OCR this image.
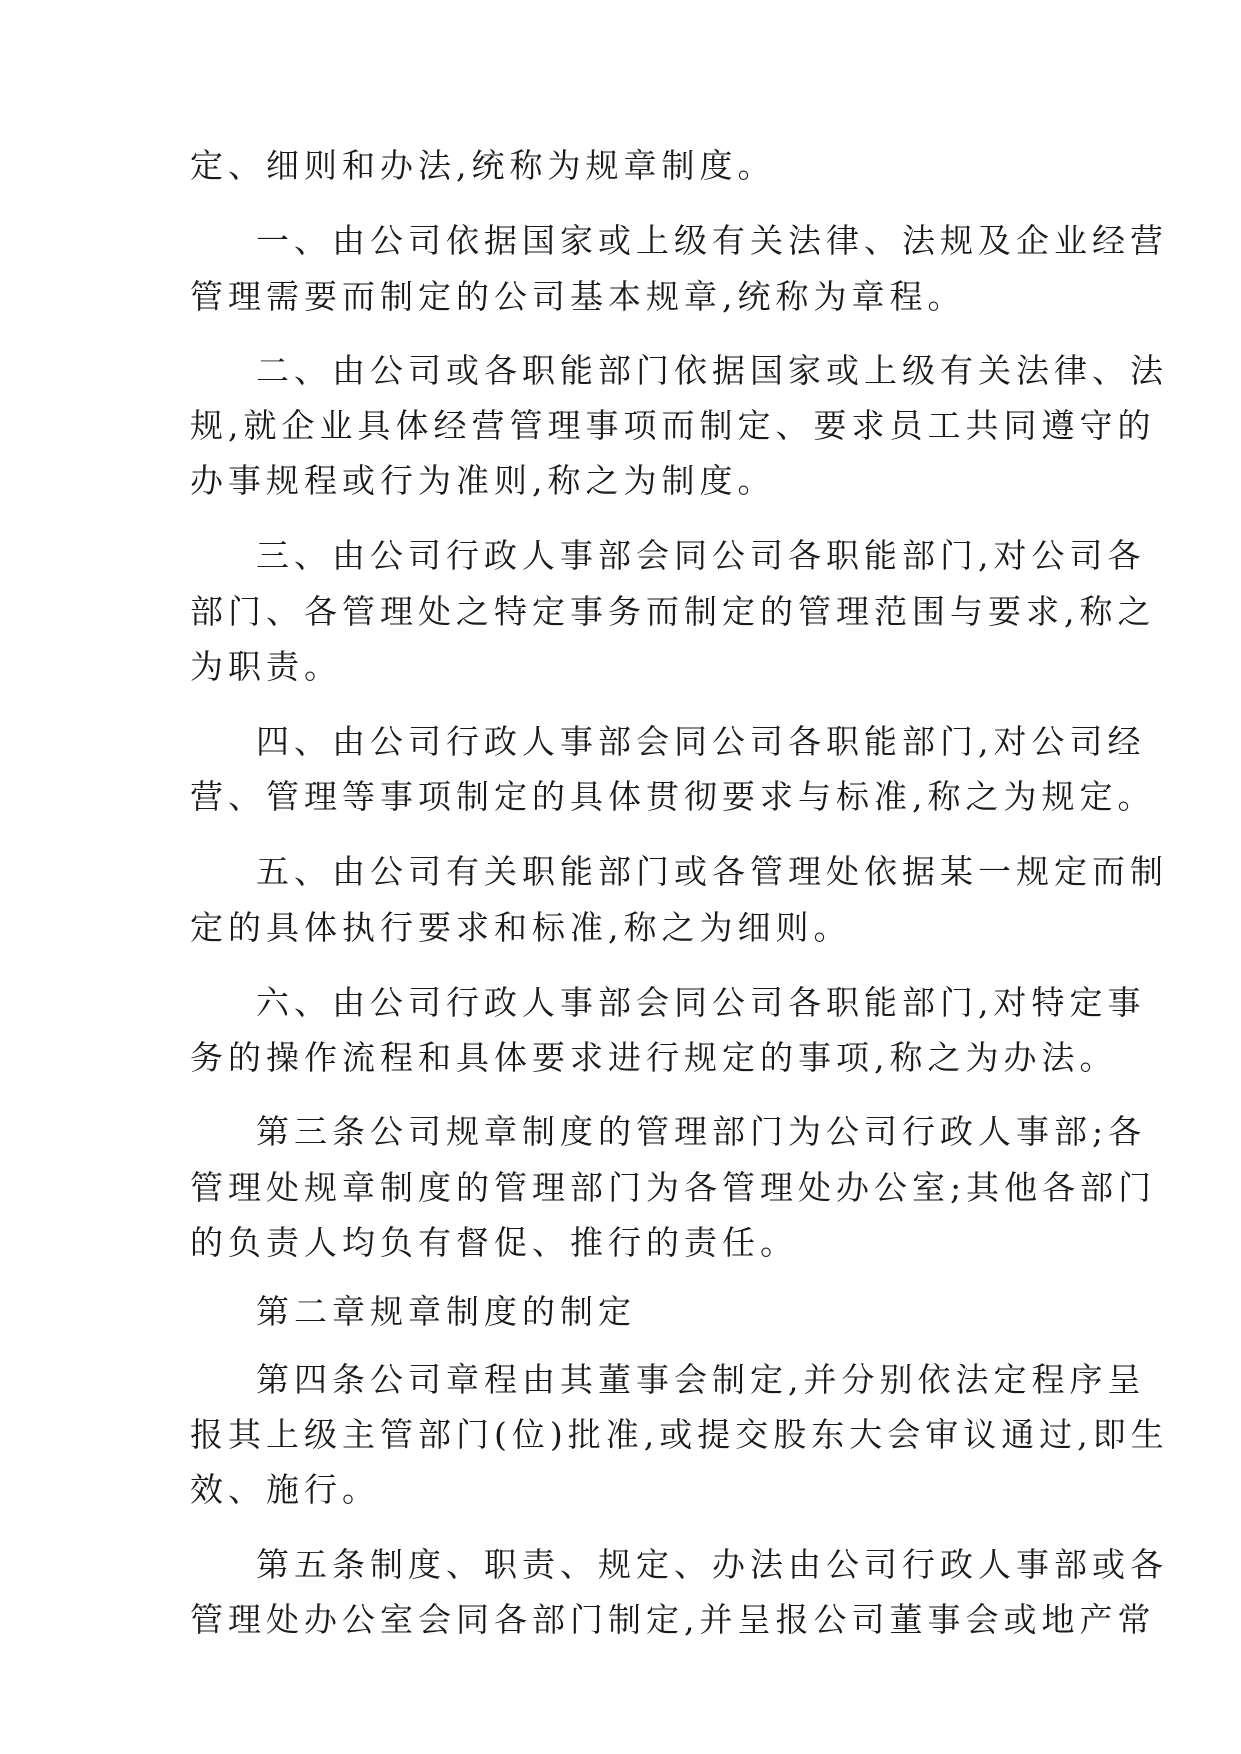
定、细则和办法,统称为规章制度。
一、由公司依据国家或上级有关法律、法规及企业经营
管理需要而制定的公司基本规章,统称为章程。
二、由公司或各职能部门依据国家或上级有关法律、法
规,就企业具体经营管理事项而制定、要求员工共同遵守的
办事规程或行为准则,称之为制度。
三、由公司行政人事部会同公司各职能部门,对公司各
部门、各管理处之特定事务而制定的管理范围与要求,称之
为职责。
四、由公司行政人事部会同公司各职能部门,对公司经
营、管理等事项制定的具体贯彻要求与标准,称之为规定。
五、由公司有关职能部门或各管理处依据某一规定而制
定的具体执行要求和标准,称之为细则。
六、由公司行政人事部会同公司各职能部门,对特定事
务的操作流程和具体要求进行规定的事项,称之为办法。
第三条公司规章制度的管理部门为公司行政人事部;各
管理处规章制度的管理部门为各管理处办公室;其他各部门
的负责人均负有督促、推行的责任。
第二章规章制度的制定
第四条公司章程由其董事会制定,并分别依法定程序呈
报其上级主管部门(位)批准,或提交股东大会审议通过,即生
效、施行。
第五条制度、职责、规定、办法由公司行政人事部或各
管理处办公室会同各部门制定,并呈报公司董事会或地产常
